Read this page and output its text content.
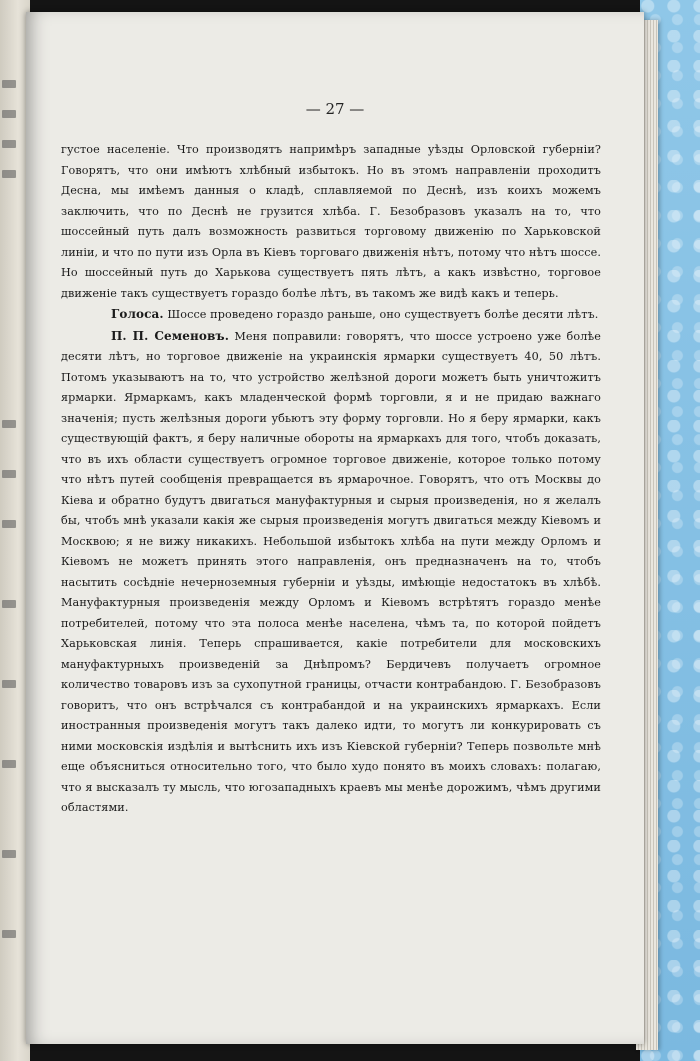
— 27 —

густое населеніе. Что производятъ напримѣръ западные уѣзды Орловской губерніи? Говорятъ, что они имѣютъ хлѣбный избытокъ. Но въ этомъ направленіи проходитъ Десна, мы имѣемъ данныя о кладѣ, сплавляемой по Деснѣ, изъ коихъ можемъ заключить, что по Деснѣ не грузится хлѣба. Г. Безобразовъ указалъ на то, что шоссейный путь далъ возможность развиться торговому движенію по Харьковской линіи, и что по пути изъ Орла въ Кіевъ торговаго движенія нѣтъ, потому что нѣтъ шоссе. Но шоссейный путь до Харькова существуетъ пять лѣтъ, а какъ извѣстно, торговое движеніе такъ существуетъ гораздо болѣе лѣтъ, въ такомъ же видѣ какъ и теперь.

Голоса. Шоссе проведено гораздо раньше, оно существуетъ болѣе десяти лѣтъ.

П. П. Семеновъ. Меня поправили: говорятъ, что шоссе устроено уже болѣе десяти лѣтъ, но торговое движеніе на украинскія ярмарки существуетъ 40, 50 лѣтъ. Потомъ указываютъ на то, что устройство желѣзной дороги можетъ быть уничтожитъ ярмарки. Ярмаркамъ, какъ младенческой формѣ торговли, я и не придаю важнаго значенія; пусть желѣзныя дороги убьютъ эту форму торговли. Но я беру ярмарки, какъ существующій фактъ, я беру наличные обороты на ярмаркахъ для того, чтобъ доказать, что въ ихъ области существуетъ огромное торговое движеніе, которое только потому что нѣтъ путей сообщенія превращается въ ярмарочное. Говорятъ, что отъ Москвы до Кіева и обратно будутъ двигаться мануфактурныя и сырыя произведенія, но я желалъ бы, чтобъ мнѣ указали какія же сырыя произведенія могутъ двигаться между Кіевомъ и Москвою; я не вижу никакихъ. Небольшой избытокъ хлѣба на пути между Орломъ и Кіевомъ не можетъ принять этого направленія, онъ предназначенъ на то, чтобъ насытить сосѣдніе нечерноземныя губерніи и уѣзды, имѣющіе недостатокъ въ хлѣбѣ. Мануфактурныя произведенія между Орломъ и Кіевомъ встрѣтятъ гораздо менѣе потребителей, потому что эта полоса менѣе населена, чѣмъ та, по которой пойдетъ Харьковская линія. Теперь спрашивается, какіе потребители для московскихъ мануфактурныхъ произведеній за Днѣпромъ? Бердичевъ получаетъ огромное количество товаровъ изъ за сухопутной границы, отчасти контрабандою. Г. Безобразовъ говоритъ, что онъ встрѣчался съ контрабандой и на украинскихъ ярмаркахъ. Если иностранныя произведенія могутъ такъ далеко идти, то могутъ ли конкурировать съ ними московскія издѣлія и вытѣснить ихъ изъ Кіевской губерніи? Теперь позвольте мнѣ еще объясниться относительно того, что было худо понято въ моихъ словахъ: полагаю, что я высказалъ ту мысль, что югозападныхъ краевъ мы менѣе дорожимъ, чѣмъ другими областями.
